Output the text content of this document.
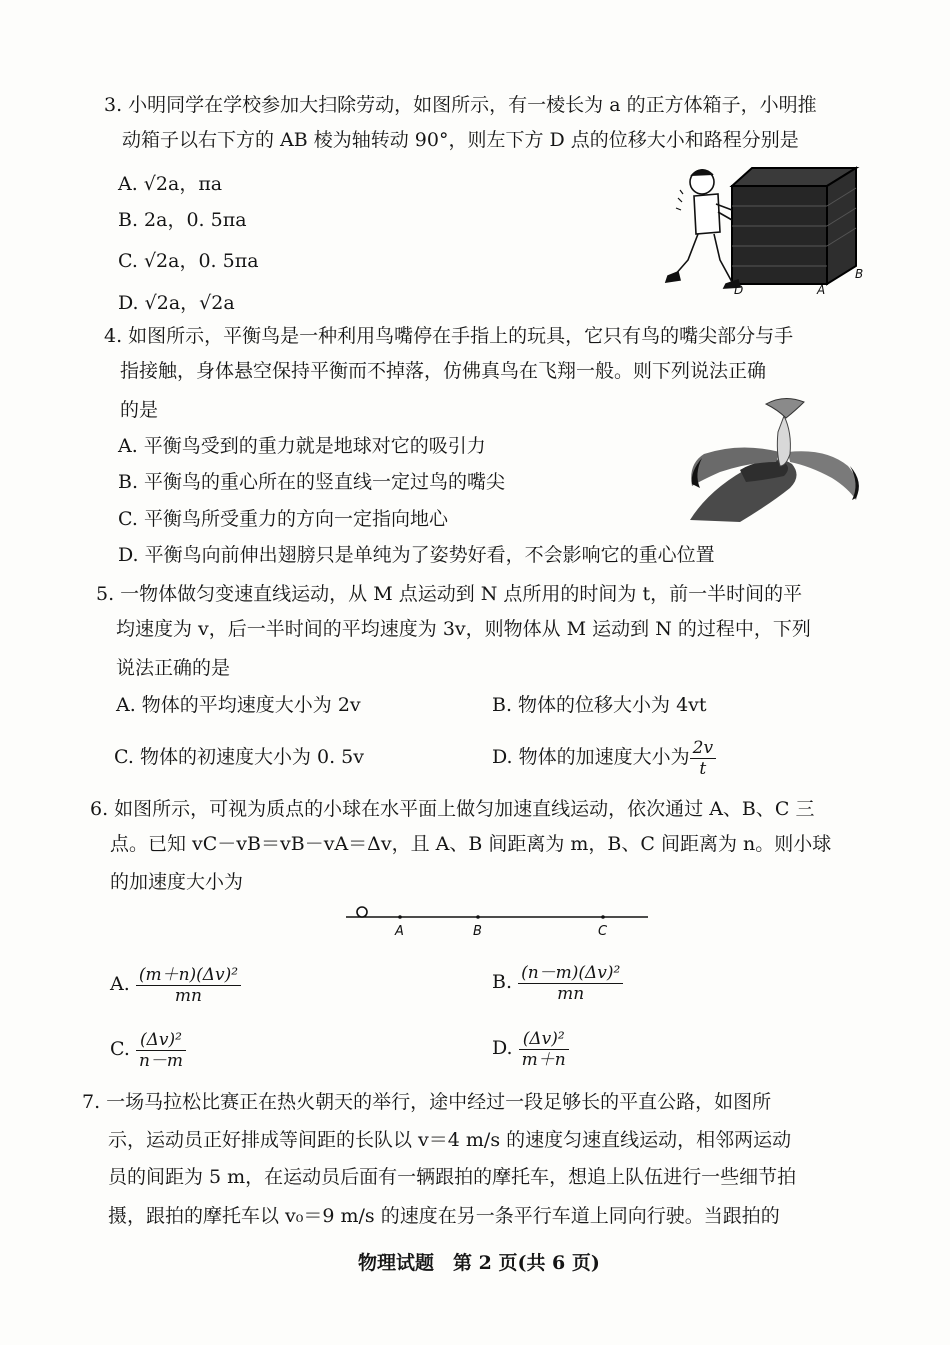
3. 小明同学在学校参加大扫除劳动，如图所示，有一棱长为 a 的正方体箱子，小明推
动箱子以右下方的 AB 棱为轴转动 90°，则左下方 D 点的位移大小和路程分别是
A. √2a，πa
B. 2a，0. 5πa
C. √2a，0. 5πa
D. √2a，√2a
D	A
B
4. 如图所示，平衡鸟是一种利用鸟嘴停在手指上的玩具，它只有鸟的嘴尖部分与手
指接触，身体悬空保持平衡而不掉落，仿佛真鸟在飞翔一般。则下列说法正确
的是
A. 平衡鸟受到的重力就是地球对它的吸引力
B. 平衡鸟的重心所在的竖直线一定过鸟的嘴尖
C. 平衡鸟所受重力的方向一定指向地心
D. 平衡鸟向前伸出翅膀只是单纯为了姿势好看，不会影响它的重心位置
5. 一物体做匀变速直线运动，从 M 点运动到 N 点所用的时间为 t，前一半时间的平
均速度为 v，后一半时间的平均速度为 3v，则物体从 M 运动到 N 的过程中，下列
说法正确的是
A. 物体的平均速度大小为 2v	B. 物体的位移大小为 4vt
C. 物体的初速度大小为 0. 5v	D. 物体的加速度大小为 $\frac{2v}{t}$
6. 如图所示，可视为质点的小球在水平面上做匀加速直线运动，依次通过 A、B、C 三
点。已知 vC－vB＝vB－vA＝Δv，且 A、B 间距离为 m，B、C 间距离为 n。则小球
的加速度大小为
A	B	C
A. $\frac{\text{(m＋n)(Δv)²}}{mn}$	B. $\frac{\text{(n－m)(Δv)²}}{mn}$
C. $\frac{\text{(Δv)²}}{n-m}$	D. $\frac{\text{(Δv)²}}{m+n}$
7. 一场马拉松比赛正在热火朝天的举行，途中经过一段足够长的平直公路，如图所
示，运动员正好排成等间距的长队以 v＝4 m/s 的速度匀速直线运动，相邻两运动
员的间距为 5 m，在运动员后面有一辆跟拍的摩托车，想追上队伍进行一些细节拍
摄，跟拍的摩托车以 v₀＝9 m/s 的速度在另一条平行车道上同向行驶。当跟拍的
物理试题　第 2 页(共 6 页)
